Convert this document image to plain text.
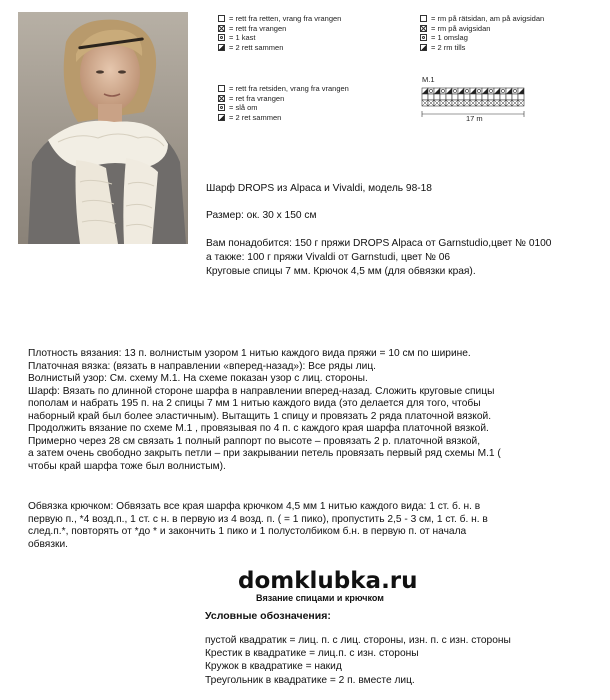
= rett fra retten, vrang fra vrangen
= rett fra vrangen
= 1 kast
= 2 rett sammen
= rm på rätsidan, am på avigsidan
= rm på avigsidan
= 1 omslag
= 2 rm tills
= rett fra retsiden, vrang fra vrangen
= ret fra vrangen
= slå om
= 2 ret sammen
M.1
17 m
Шарф DROPS из Alpaca и Vivaldi, модель 98-18
Размер: ок. 30 х 150 см
Вам понадобится: 150 г пряжи DROPS Alpaca от Garnstudio,цвет № 0100
а также: 100 г пряжи Vivaldi от Garnstudi, цвет № 06
Круговые спицы 7 мм. Крючок 4,5 мм (для обвязки края).
Плотность вязания: 13 п. волнистым узором 1 нитью каждого вида пряжи = 10 см по ширине.
Платочная вязка: (вязать в направлении «вперед-назад»): Все ряды лиц.
Волнистый узор: См. схему М.1. На схеме показан узор с лиц. стороны.
Шарф: Вязать по длинной стороне шарфа в направлении вперед-назад. Сложить круговые спицы
пополам и набрать 195 п. на 2 спицы 7 мм 1 нитью каждого вида (это делается для того, чтобы
наборный край был более эластичным). Вытащить 1 спицу и провязать 2 ряда платочной вязкой.
Продолжить вязание по схеме М.1 , провязывая по 4 п. с каждого края шарфа платочной вязкой.
Примерно через 28 см связать 1 полный раппорт по высоте – провязать 2 р. платочной вязкой,
а затем очень свободно закрыть петли – при закрывании петель провязать первый ряд схемы М.1 (
чтобы край шарфа тоже был волнистым).
Обвязка крючком: Обвязать все края шарфа крючком 4,5 мм 1 нитью каждого вида: 1 ст. б. н. в
первую п., *4 возд.п., 1 ст. с н. в первую из 4 возд. п. ( = 1 пико), пропустить 2,5 - 3 см, 1 ст. б. н. в
след.п.*, повторять от *до * и закончить 1 пико и 1 полустолбиком б.н. в первую п. от начала
обвязки.
domklubka.ru
Вязание спицами и крючком
Условные обозначения:
пустой квадратик = лиц. п. с лиц. стороны, изн. п. с изн. стороны
Крестик в квадратике = лиц.п. с изн. стороны
Кружок в квадратике = накид
Треугольник в квадратике = 2 п. вместе лиц.
